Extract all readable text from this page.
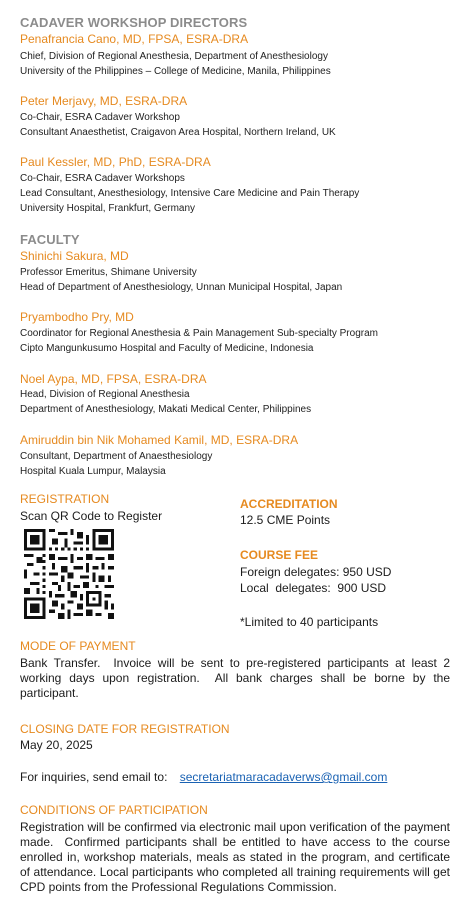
CADAVER WORKSHOP DIRECTORS
Penafrancia Cano, MD, FPSA, ESRA-DRA
Chief, Division of Regional Anesthesia, Department of Anesthesiology
University of the Philippines – College of Medicine, Manila, Philippines
Peter Merjavy, MD, ESRA-DRA
Co-Chair, ESRA Cadaver Workshop
Consultant Anaesthetist, Craigavon Area Hospital, Northern Ireland, UK
Paul Kessler, MD, PhD, ESRA-DRA
Co-Chair, ESRA Cadaver Workshops
Lead Consultant, Anesthesiology, Intensive Care Medicine and Pain Therapy
University Hospital, Frankfurt, Germany
FACULTY
Shinichi Sakura, MD
Professor Emeritus, Shimane University
Head of Department of Anesthesiology, Unnan Municipal Hospital, Japan
Pryambodho Pry, MD
Coordinator for Regional Anesthesia & Pain Management Sub-specialty Program
Cipto Mangunkusumo Hospital and Faculty of Medicine, Indonesia
Noel Aypa, MD, FPSA, ESRA-DRA
Head, Division of Regional Anesthesia
Department of Anesthesiology, Makati Medical Center, Philippines
Amiruddin bin Nik Mohamed Kamil, MD, ESRA-DRA
Consultant, Department of Anaesthesiology
Hospital Kuala Lumpur, Malaysia
REGISTRATION
Scan QR Code to Register
ACCREDITATION
12.5 CME Points
COURSE FEE
Foreign delegates: 950 USD
Local  delegates:  900 USD
*Limited to 40 participants
MODE OF PAYMENT
Bank Transfer.  Invoice will be sent to pre-registered participants at least 2 working days upon registration.  All bank charges shall be borne by the participant.
CLOSING DATE FOR REGISTRATION
May 20, 2025
For inquiries, send email to: secretariatmaracadaverws@gmail.com
CONDITIONS OF PARTICIPATION
Registration will be confirmed via electronic mail upon verification of the payment made.  Confirmed participants shall be entitled to have access to the course enrolled in, workshop materials, meals as stated in the program, and certificate of attendance. Local participants who completed all training requirements will get CPD points from the Professional Regulations Commission.
